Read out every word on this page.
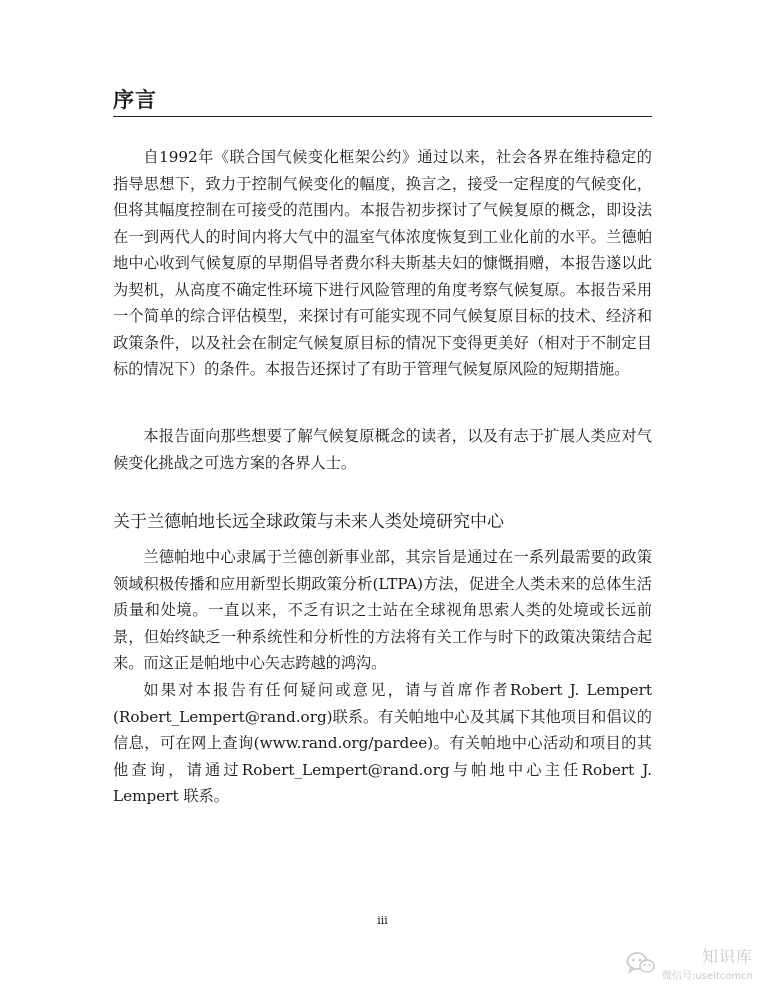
序言

自1992年《联合国气候变化框架公约》通过以来，社会各界在维持稳定的指导思想下，致力于控制气候变化的幅度，换言之，接受一定程度的气候变化，但将其幅度控制在可接受的范围内。本报告初步探讨了气候复原的概念，即设法在一到两代人的时间内将大气中的温室气体浓度恢复到工业化前的水平。兰德帕地中心收到气候复原的早期倡导者费尔科夫斯基夫妇的慷慨捐赠，本报告遂以此为契机，从高度不确定性环境下进行风险管理的角度考察气候复原。本报告采用一个简单的综合评估模型，来探讨有可能实现不同气候复原目标的技术、经济和政策条件，以及社会在制定气候复原目标的情况下变得更美好（相对于不制定目标的情况下）的条件。本报告还探讨了有助于管理气候复原风险的短期措施。

本报告面向那些想要了解气候复原概念的读者，以及有志于扩展人类应对气候变化挑战之可选方案的各界人士。

关于兰德帕地长远全球政策与未来人类处境研究中心

兰德帕地中心隶属于兰德创新事业部，其宗旨是通过在一系列最需要的政策领域积极传播和应用新型长期政策分析(LTPA)方法，促进全人类未来的总体生活质量和处境。一直以来，不乏有识之士站在全球视角思索人类的处境或长远前景，但始终缺乏一种系统性和分析性的方法将有关工作与时下的政策决策结合起来。而这正是帕地中心矢志跨越的鸿沟。

如果对本报告有任何疑问或意见，请与首席作者Robert J. Lempert (Robert_Lempert@rand.org)联系。有关帕地中心及其属下其他项目和倡议的信息，可在网上查询(www.rand.org/pardee)。有关帕地中心活动和项目的其他查询，请通过Robert_Lempert@rand.org与帕地中心主任Robert J. Lempert 联系。

iii
知识库
微信号:useitcomcn
